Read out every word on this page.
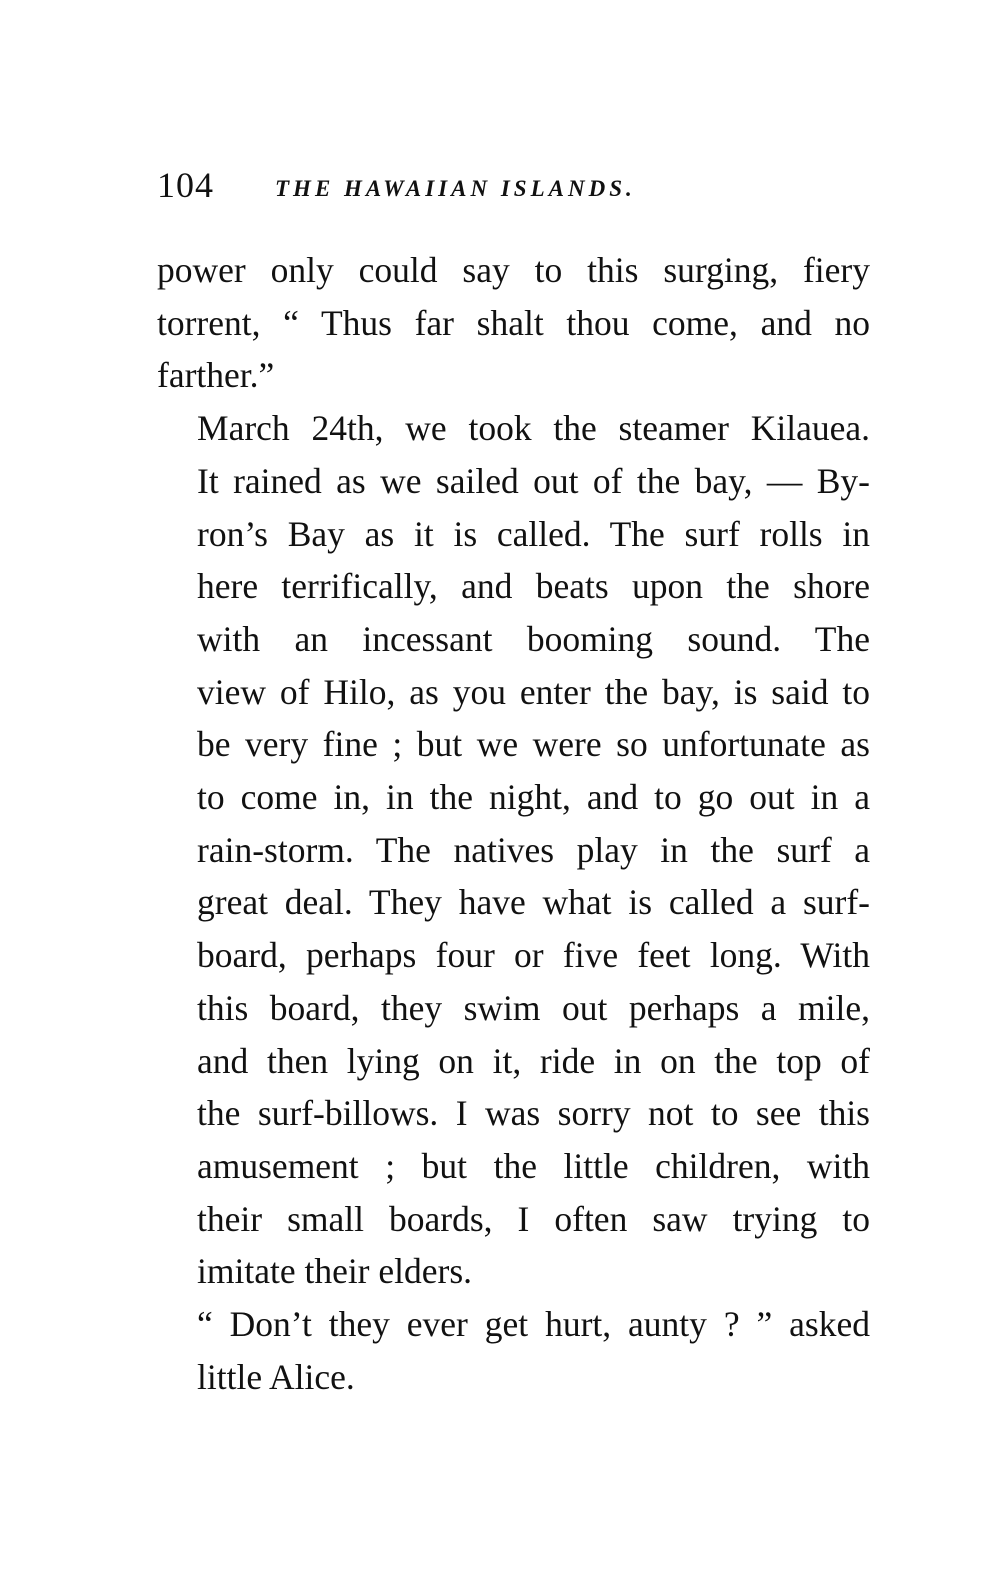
104	THE HAWAIIAN ISLANDS.

power only could say to this surging, fiery
torrent, “ Thus far shalt thou come, and no
farther.”

March 24th, we took the steamer Kilauea.
It rained as we sailed out of the bay, — By-
ron’s Bay as it is called. The surf rolls in
here terrifically, and beats upon the shore
with an incessant booming sound. The
view of Hilo, as you enter the bay, is said to
be very fine ; but we were so unfortunate as
to come in, in the night, and to go out in a
rain-storm. The natives play in the surf a
great deal. They have what is called a surf-
board, perhaps four or five feet long. With
this board, they swim out perhaps a mile,
and then lying on it, ride in on the top of
the surf-billows. I was sorry not to see this
amusement ; but the little children, with
their small boards, I often saw trying to
imitate their elders.

“ Don’t they ever get hurt, aunty ? ” asked
little Alice.
